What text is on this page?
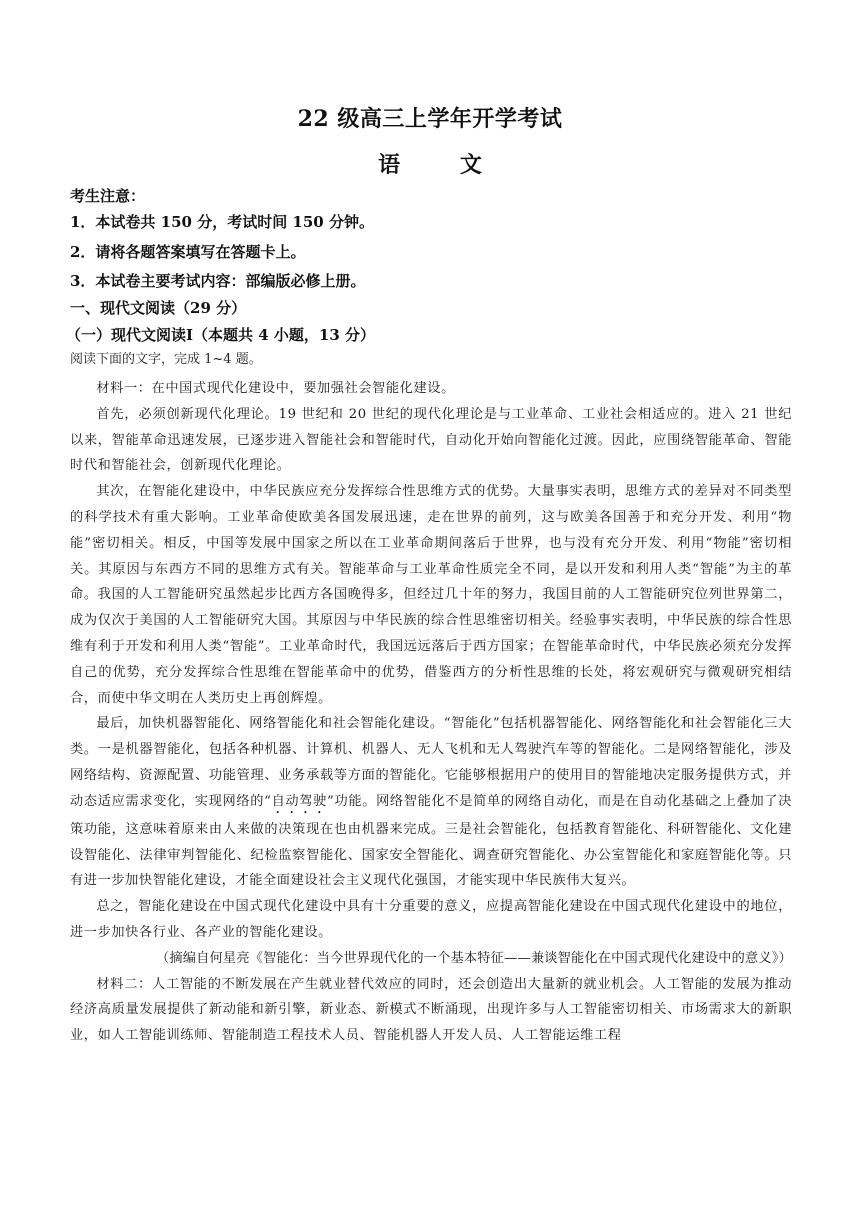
22 级高三上学年开学考试
语 文
考生注意：
1．本试卷共 150 分，考试时间 150 分钟。
2．请将各题答案填写在答题卡上。
3．本试卷主要考试内容：部编版必修上册。
一、现代文阅读（29 分）
（一）现代文阅读Ⅰ（本题共 4 小题，13 分）
阅读下面的文字，完成 1~4 题。

材料一：在中国式现代化建设中，要加强社会智能化建设。

首先，必须创新现代化理论。19 世纪和 20 世纪的现代化理论是与工业革命、工业社会相适应的。进入 21 世纪以来，智能革命迅速发展，已逐步进入智能社会和智能时代，自动化开始向智能化过渡。因此，应围绕智能革命、智能时代和智能社会，创新现代化理论。

其次，在智能化建设中，中华民族应充分发挥综合性思维方式的优势。大量事实表明，思维方式的差异对不同类型的科学技术有重大影响。工业革命使欧美各国发展迅速，走在世界的前列，这与欧美各国善于和充分开发、利用“物能”密切相关。相反，中国等发展中国家之所以在工业革命期间落后于世界，也与没有充分开发、利用“物能”密切相关。其原因与东西方不同的思维方式有关。智能革命与工业革命性质完全不同，是以开发和利用人类“智能”为主的革命。我国的人工智能研究虽然起步比西方各国晚得多，但经过几十年的努力，我国目前的人工智能研究位列世界第二，成为仅次于美国的人工智能研究大国。其原因与中华民族的综合性思维密切相关。经验事实表明，中华民族的综合性思维有利于开发和利用人类“智能”。工业革命时代，我国远远落后于西方国家；在智能革命时代，中华民族必须充分发挥自己的优势，充分发挥综合性思维在智能革命中的优势，借鉴西方的分析性思维的长处，将宏观研究与微观研究相结合，而使中华文明在人类历史上再创辉煌。

最后，加快机器智能化、网络智能化和社会智能化建设。“智能化”包括机器智能化、网络智能化和社会智能化三大类。一是机器智能化，包括各种机器、计算机、机器人、无人飞机和无人驾驶汽车等的智能化。二是网络智能化，涉及网络结构、资源配置、功能管理、业务承载等方面的智能化。它能够根据用户的使用目的智能地决定服务提供方式，并动态适应需求变化，实现网络的“自动驾驶”功能。网络智能化不是简单的网络自动化，而是在自动化基础之上叠加了决策功能，这意味着原来由人来做的决策现在也由机器来完成。三是社会智能化，包括教育智能化、科研智能化、文化建设智能化、法律审判智能化、纪检监察智能化、国家安全智能化、调查研究智能化、办公室智能化和家庭智能化等。只有进一步加快智能化建设，才能全面建设社会主义现代化强国，才能实现中华民族伟大复兴。

总之，智能化建设在中国式现代化建设中具有十分重要的意义，应提高智能化建设在中国式现代化建设中的地位，进一步加快各行业、各产业的智能化建设。

（摘编自何星亮《智能化：当今世界现代化的一个基本特征——兼谈智能化在中国式现代化建设中的意义》）

材料二：人工智能的不断发展在产生就业替代效应的同时，还会创造出大量新的就业机会。人工智能的发展为推动经济高质量发展提供了新动能和新引擎，新业态、新模式不断涌现，出现许多与人工智能密切相关、市场需求大的新职业，如人工智能训练师、智能制造工程技术人员、智能机器人开发人员、人工智能运维工程
